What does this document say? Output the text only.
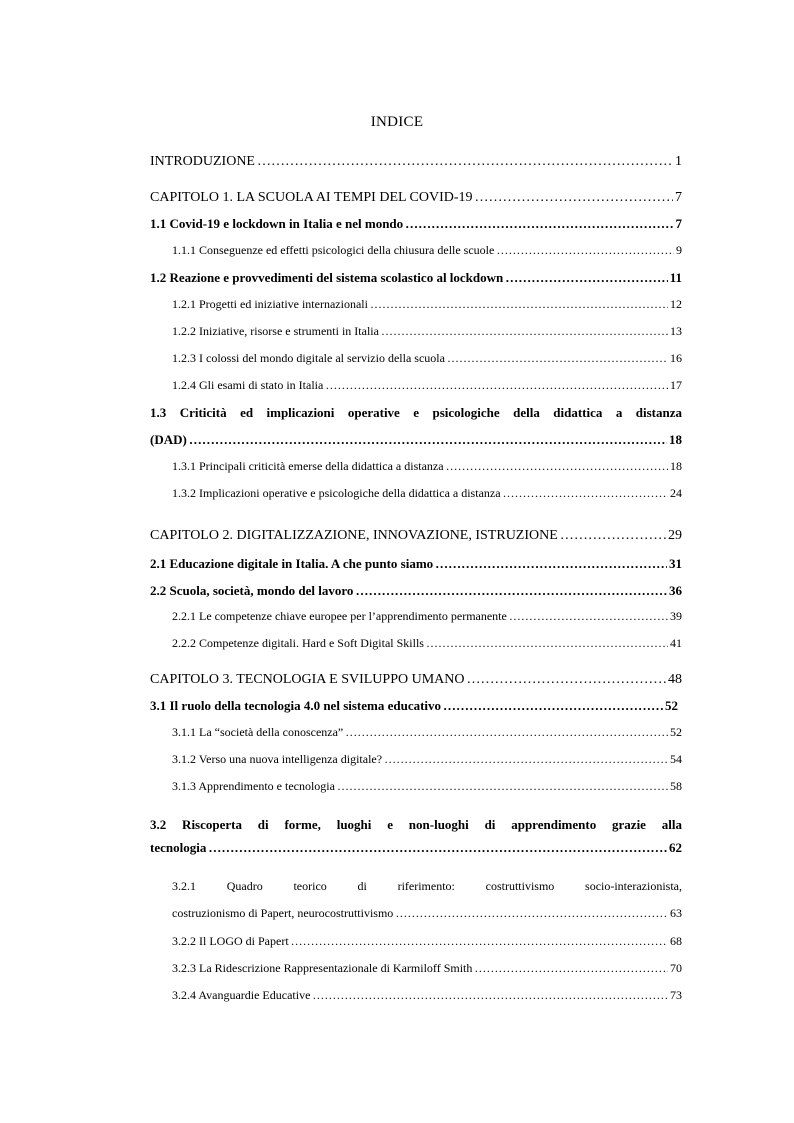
INDICE
INTRODUZIONE ………………………………………………………………………………………………………………………………………………………………	1
CAPITOLO 1. LA SCUOLA AI TEMPI DEL COVID-19 ………………………………………………………………………………………………………………………………………………………………	7
1.1 Covid-19 e lockdown in Italia e nel mondo ………………………………………………………………………………………………………………………………………………………………	7
1.1.1 Conseguenze ed effetti psicologici della chiusura delle scuole ………………………………………………………………………………………………………………………………………………………………	9
1.2 Reazione e provvedimenti del sistema scolastico al lockdown ………………………………………………………………………………………………………………………………………………………………	11
1.2.1 Progetti ed iniziative internazionali ………………………………………………………………………………………………………………………………………………………………	12
1.2.2 Iniziative, risorse e strumenti in Italia ………………………………………………………………………………………………………………………………………………………………	13
1.2.3 I colossi del mondo digitale al servizio della scuola ………………………………………………………………………………………………………………………………………………………………	16
1.2.4 Gli esami di stato in Italia ………………………………………………………………………………………………………………………………………………………………	17
1.3 Criticità ed implicazioni operative e psicologiche della didattica a distanza
(DAD) ………………………………………………………………………………………………………………………………………………………………	18
1.3.1 Principali criticità emerse della didattica a distanza ………………………………………………………………………………………………………………………………………………………………	18
1.3.2 Implicazioni operative e psicologiche della didattica a distanza ………………………………………………………………………………………………………………………………………………………………	24
CAPITOLO 2. DIGITALIZZAZIONE, INNOVAZIONE, ISTRUZIONE ………………………………………………………………………………………………………………………………………………………………	29
2.1 Educazione digitale in Italia. A che punto siamo ………………………………………………………………………………………………………………………………………………………………	31
2.2 Scuola, società, mondo del lavoro ………………………………………………………………………………………………………………………………………………………………	36
2.2.1 Le competenze chiave europee per l’apprendimento permanente ………………………………………………………………………………………………………………………………………………………………	39
2.2.2 Competenze digitali. Hard e Soft Digital Skills ………………………………………………………………………………………………………………………………………………………………	41
CAPITOLO 3. TECNOLOGIA E SVILUPPO UMANO ………………………………………………………………………………………………………………………………………………………………	48
3.1 Il ruolo della tecnologia 4.0 nel sistema educativo ………………………………………………………………………………………………………………………………………………………………	52
3.1.1 La “società della conoscenza” ………………………………………………………………………………………………………………………………………………………………	52
3.1.2 Verso una nuova intelligenza digitale? ………………………………………………………………………………………………………………………………………………………………	54
3.1.3 Apprendimento e tecnologia ………………………………………………………………………………………………………………………………………………………………	58
3.2 Riscoperta di forme, luoghi e non-luoghi di apprendimento grazie alla
tecnologia ………………………………………………………………………………………………………………………………………………………………	62
3.2.1 Quadro teorico di riferimento: costruttivismo socio-interazionista,
costruzionismo di Papert, neurocostruttivismo ………………………………………………………………………………………………………………………………………………………………	63
3.2.2 Il LOGO di Papert ………………………………………………………………………………………………………………………………………………………………	68
3.2.3 La Ridescrizione Rappresentazionale di Karmiloff Smith ………………………………………………………………………………………………………………………………………………………………	70
3.2.4 Avanguardie Educative ………………………………………………………………………………………………………………………………………………………………	73
